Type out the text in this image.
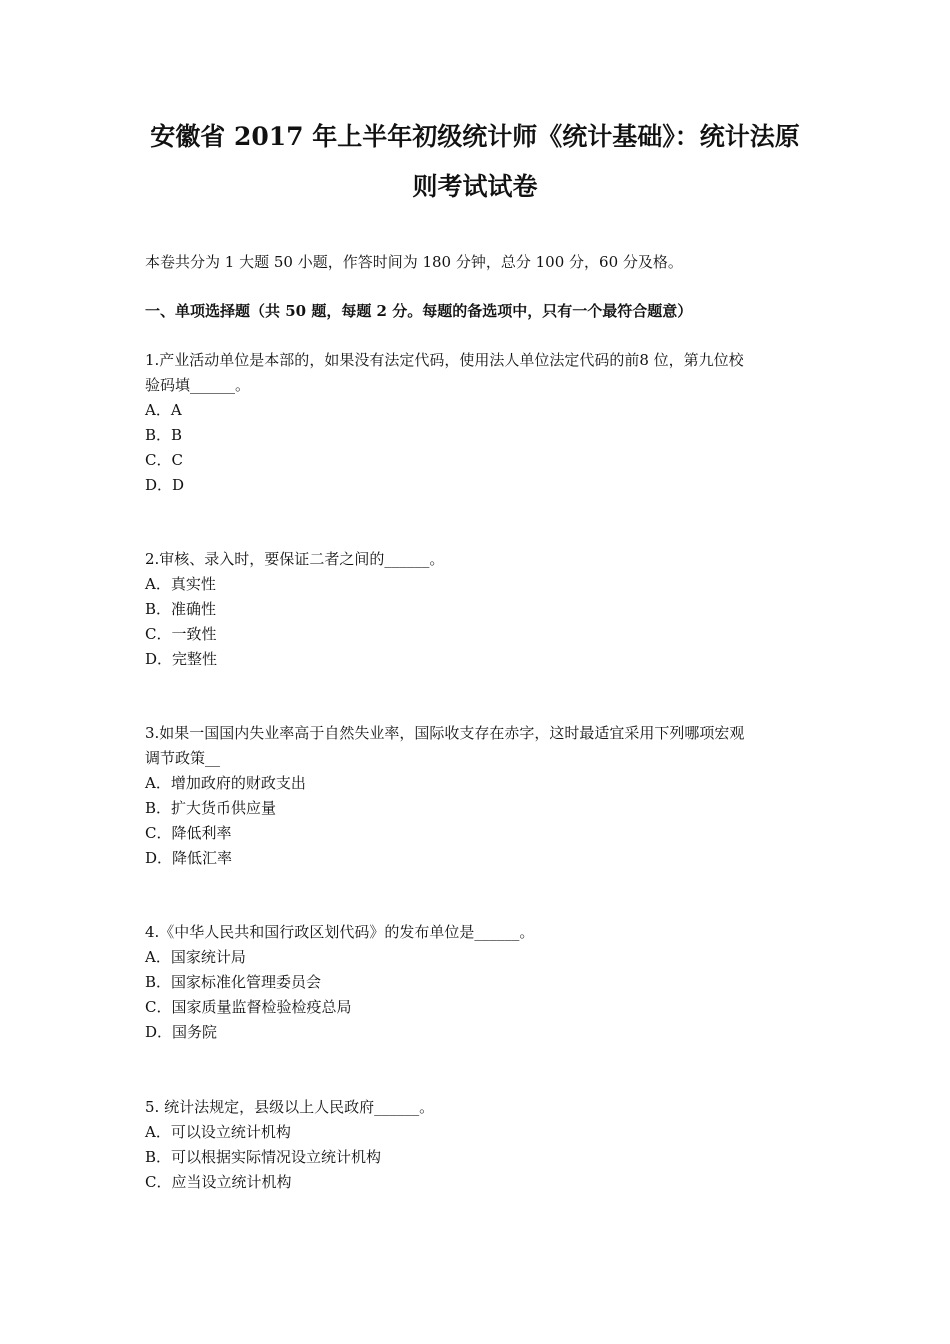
安徽省 2017 年上半年初级统计师《统计基础》：统计法原
则考试试卷
本卷共分为 1 大题 50 小题，作答时间为 180 分钟，总分 100 分，60 分及格。
一、单项选择题（共 50 题，每题 2 分。每题的备选项中，只有一个最符合题意）

1.产业活动单位是本部的，如果没有法定代码，使用法人单位法定代码的前8 位，第九位校

验码填______。

A．A

B．B

C．C

D．D

2.审核、录入时，要保证二者之间的______。

A．真实性

B．准确性

C．一致性

D．完整性

3.如果一国国内失业率高于自然失业率，国际收支存在赤字，这时最适宜采用下列哪项宏观

调节政策__

A．增加政府的财政支出

B．扩大货币供应量

C．降低利率

D．降低汇率

4.《中华人民共和国行政区划代码》的发布单位是______。

A．国家统计局

B．国家标准化管理委员会

C．国家质量监督检验检疫总局

D．国务院

5. 统计法规定，县级以上人民政府______。

A．可以设立统计机构

B．可以根据实际情况设立统计机构

C．应当设立统计机构
